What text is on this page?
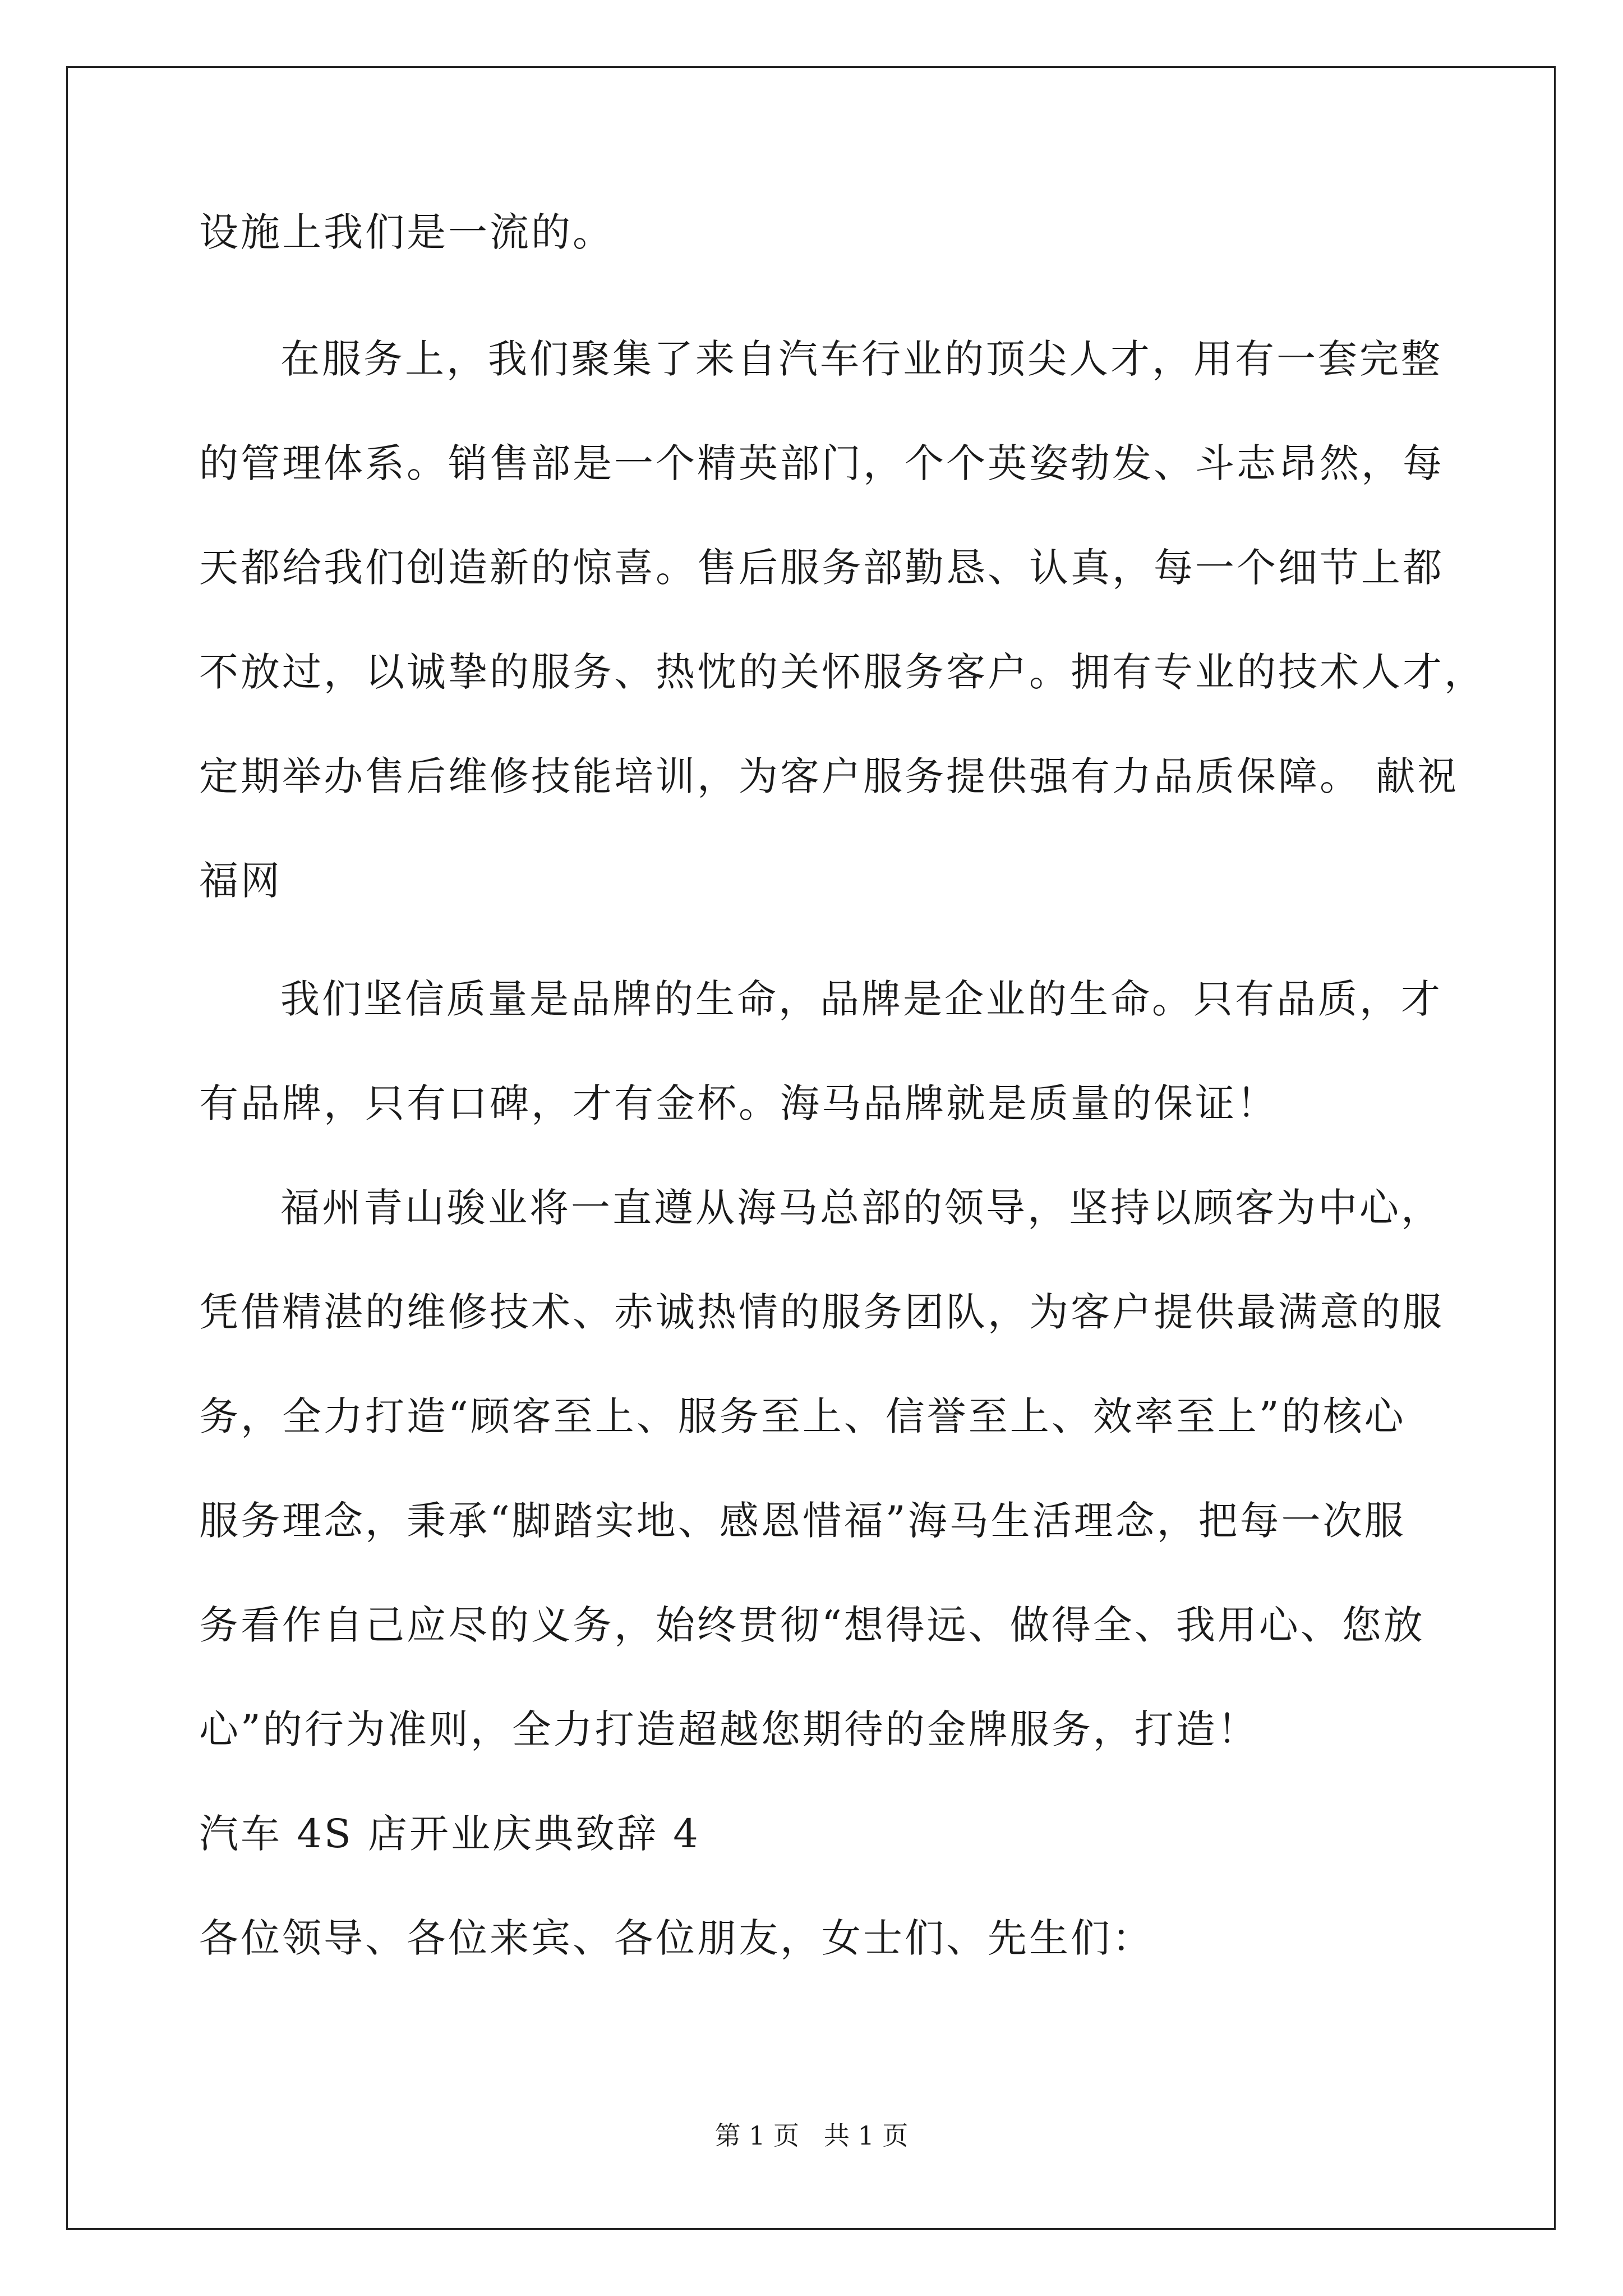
设施上我们是一流的。
在服务上，我们聚集了来自汽车行业的顶尖人才，用有一套完整
的管理体系。销售部是一个精英部门，个个英姿勃发、斗志昂然，每
天都给我们创造新的惊喜。售后服务部勤恳、认真，每一个细节上都
不放过，以诚挚的服务、热忱的关怀服务客户。拥有专业的技术人才，
定期举办售后维修技能培训，为客户服务提供强有力品质保障。 献祝
福网
我们坚信质量是品牌的生命，品牌是企业的生命。只有品质，才
有品牌，只有口碑，才有金杯。海马品牌就是质量的保证！
福州青山骏业将一直遵从海马总部的领导，坚持以顾客为中心，
凭借精湛的维修技术、赤诚热情的服务团队，为客户提供最满意的服
务，全力打造“顾客至上、服务至上、信誉至上、效率至上”的核心
服务理念，秉承“脚踏实地、感恩惜福”海马生活理念，把每一次服
务看作自己应尽的义务，始终贯彻“想得远、做得全、我用心、您放
心”的行为准则，全力打造超越您期待的金牌服务，打造！
汽车 4S 店开业庆典致辞 4
各位领导、各位来宾、各位朋友，女士们、先生们：
第 1 页   共 1 页
